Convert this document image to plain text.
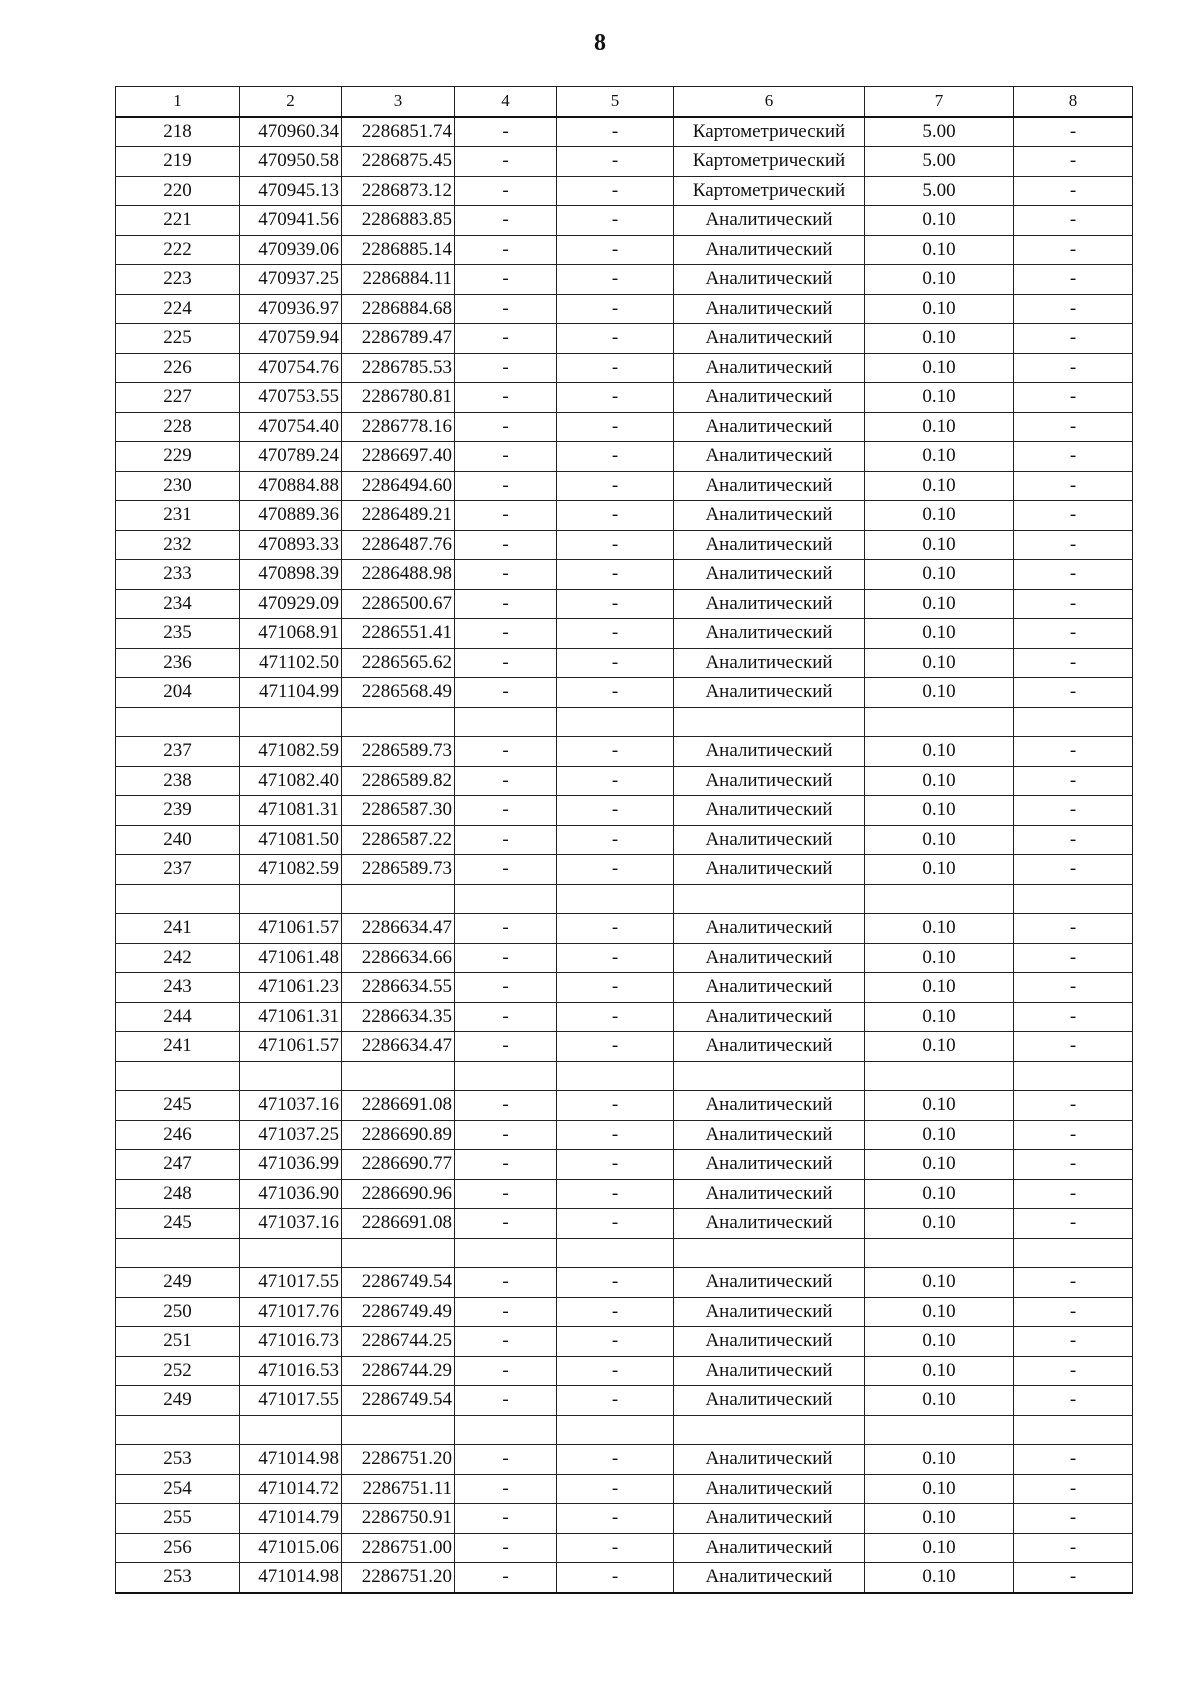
8
1	2	3	4	5	6	7	8
218	470960.34	2286851.74	-	-	Картометрический	5.00	-
219	470950.58	2286875.45	-	-	Картометрический	5.00	-
220	470945.13	2286873.12	-	-	Картометрический	5.00	-
221	470941.56	2286883.85	-	-	Аналитический	0.10	-
222	470939.06	2286885.14	-	-	Аналитический	0.10	-
223	470937.25	2286884.11	-	-	Аналитический	0.10	-
224	470936.97	2286884.68	-	-	Аналитический	0.10	-
225	470759.94	2286789.47	-	-	Аналитический	0.10	-
226	470754.76	2286785.53	-	-	Аналитический	0.10	-
227	470753.55	2286780.81	-	-	Аналитический	0.10	-
228	470754.40	2286778.16	-	-	Аналитический	0.10	-
229	470789.24	2286697.40	-	-	Аналитический	0.10	-
230	470884.88	2286494.60	-	-	Аналитический	0.10	-
231	470889.36	2286489.21	-	-	Аналитический	0.10	-
232	470893.33	2286487.76	-	-	Аналитический	0.10	-
233	470898.39	2286488.98	-	-	Аналитический	0.10	-
234	470929.09	2286500.67	-	-	Аналитический	0.10	-
235	471068.91	2286551.41	-	-	Аналитический	0.10	-
236	471102.50	2286565.62	-	-	Аналитический	0.10	-
204	471104.99	2286568.49	-	-	Аналитический	0.10	-

237	471082.59	2286589.73	-	-	Аналитический	0.10	-
238	471082.40	2286589.82	-	-	Аналитический	0.10	-
239	471081.31	2286587.30	-	-	Аналитический	0.10	-
240	471081.50	2286587.22	-	-	Аналитический	0.10	-
237	471082.59	2286589.73	-	-	Аналитический	0.10	-

241	471061.57	2286634.47	-	-	Аналитический	0.10	-
242	471061.48	2286634.66	-	-	Аналитический	0.10	-
243	471061.23	2286634.55	-	-	Аналитический	0.10	-
244	471061.31	2286634.35	-	-	Аналитический	0.10	-
241	471061.57	2286634.47	-	-	Аналитический	0.10	-

245	471037.16	2286691.08	-	-	Аналитический	0.10	-
246	471037.25	2286690.89	-	-	Аналитический	0.10	-
247	471036.99	2286690.77	-	-	Аналитический	0.10	-
248	471036.90	2286690.96	-	-	Аналитический	0.10	-
245	471037.16	2286691.08	-	-	Аналитический	0.10	-

249	471017.55	2286749.54	-	-	Аналитический	0.10	-
250	471017.76	2286749.49	-	-	Аналитический	0.10	-
251	471016.73	2286744.25	-	-	Аналитический	0.10	-
252	471016.53	2286744.29	-	-	Аналитический	0.10	-
249	471017.55	2286749.54	-	-	Аналитический	0.10	-

253	471014.98	2286751.20	-	-	Аналитический	0.10	-
254	471014.72	2286751.11	-	-	Аналитический	0.10	-
255	471014.79	2286750.91	-	-	Аналитический	0.10	-
256	471015.06	2286751.00	-	-	Аналитический	0.10	-
253	471014.98	2286751.20	-	-	Аналитический	0.10	-
